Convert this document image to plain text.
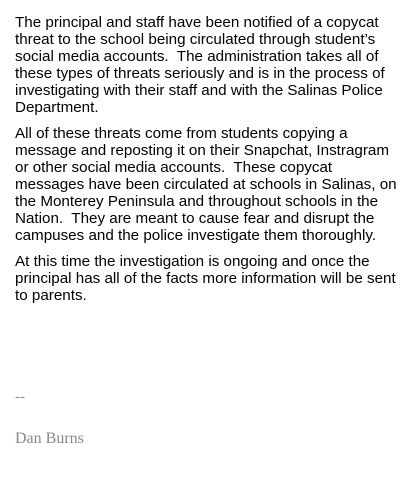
The principal and staff have been notified of a copycat threat to the school being circulated through student’s social media accounts.  The administration takes all of these types of threats seriously and is in the process of investigating with their staff and with the Salinas Police Department.

All of these threats come from students copying a message and reposting it on their Snapchat, Instragram or other social media accounts.  These copycat messages have been circulated at schools in Salinas, on the Monterey Peninsula and throughout schools in the Nation.  They are meant to cause fear and disrupt the campuses and the police investigate them thoroughly.

At this time the investigation is ongoing and once the principal has all of the facts more information will be sent to parents.

--
Dan Burns
